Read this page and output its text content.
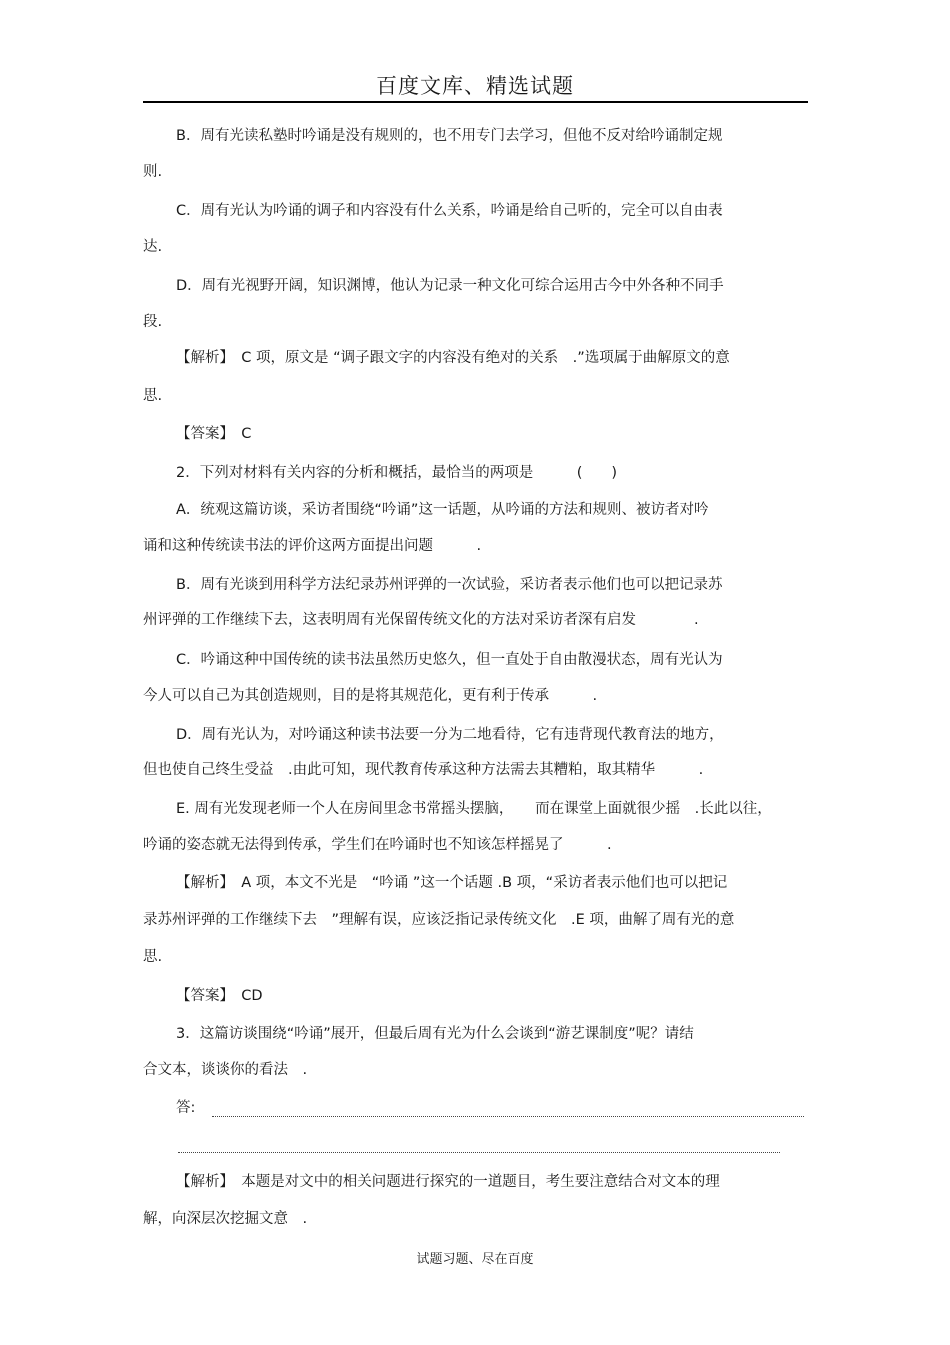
百度文库、精选试题
B．周有光读私塾时吟诵是没有规则的，也不用专门去学习，但他不反对给吟诵制定规
则.
C．周有光认为吟诵的调子和内容没有什么关系，吟诵是给自己听的，完全可以自由表
达.
D．周有光视野开阔，知识渊博，他认为记录一种文化可综合运用古今中外各种不同手
段.
【解析】　C 项，原文是 “调子跟文字的内容没有绝对的关系　.”选项属于曲解原文的意
思.
【答案】　C
2．下列对材料有关内容的分析和概括，最恰当的两项是　　　(　　)
A．统观这篇访谈，采访者围绕“吟诵”这一话题，从吟诵的方法和规则、被访者对吟
诵和这种传统读书法的评价这两方面提出问题　　　.
B．周有光谈到用科学方法纪录苏州评弹的一次试验，采访者表示他们也可以把记录苏
州评弹的工作继续下去，这表明周有光保留传统文化的方法对采访者深有启发　　　　.
C．吟诵这种中国传统的读书法虽然历史悠久，但一直处于自由散漫状态，周有光认为
今人可以自己为其创造规则，目的是将其规范化，更有利于传承　　　.
D．周有光认为，对吟诵这种读书法要一分为二地看待，它有违背现代教育法的地方，
但也使自己终生受益　.由此可知，现代教育传承这种方法需去其糟粕，取其精华　　　.
E. 周有光发现老师一个人在房间里念书常摇头摆脑，　　而在课堂上面就很少摇　.长此以往，
吟诵的姿态就无法得到传承，学生们在吟诵时也不知该怎样摇晃了　　　.
【解析】　A 项，本文不光是　“吟诵 ”这一个话题 .B 项，“采访者表示他们也可以把记
录苏州评弹的工作继续下去　”理解有误，应该泛指记录传统文化　.E 项，曲解了周有光的意
思.
【答案】　CD
3．这篇访谈围绕“吟诵”展开，但最后周有光为什么会谈到“游艺课制度”呢？请结
合文本，谈谈你的看法　.
答:
【解析】　本题是对文中的相关问题进行探究的一道题目，考生要注意结合对文本的理
解，向深层次挖掘文意　.
试题习题、尽在百度
